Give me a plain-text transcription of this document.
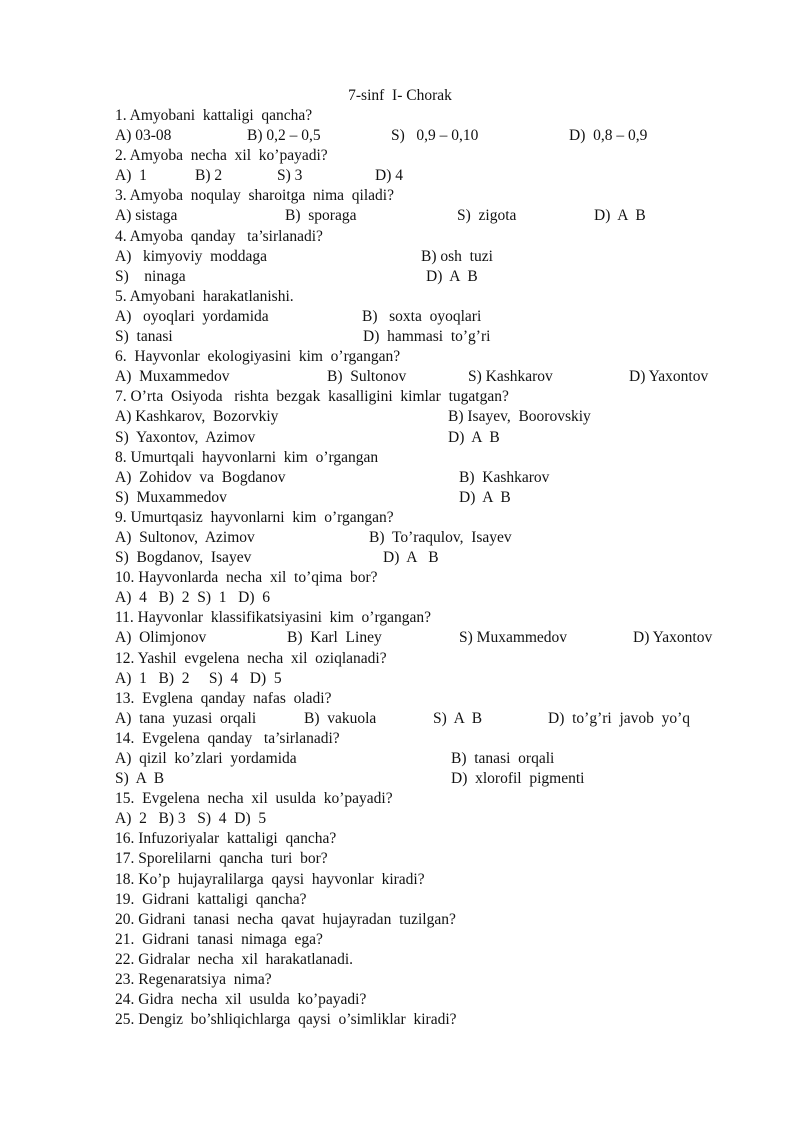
7-sinf  I- Chorak
1. Amyobani  kattaligi  qancha?
A) 03-08	B) 0,2 – 0,5	S)   0,9 – 0,10	D)  0,8 – 0,9
2. Amyoba  necha  xil  ko’payadi?
A)  1	B) 2	S) 3	D) 4
3. Amyoba  noqulay  sharoitga  nima  qiladi?
A) sistaga	B)  sporaga	S)  zigota	D)  A  B
4. Amyoba  qanday   ta’sirlanadi?
A)   kimyoviy  moddaga	B) osh  tuzi
S)    ninaga	D)  A  B
5. Amyobani  harakatlanishi.
A)   oyoqlari  yordamida	B)   soxta  oyoqlari
S)  tanasi	D)  hammasi  to’g’ri
6.  Hayvonlar  ekologiyasini  kim  o’rgangan?
A)  Muxammedov	B)  Sultonov	S) Kashkarov	D) Yaxontov
7. O’rta  Osiyoda   rishta  bezgak  kasalligini  kimlar  tugatgan?
A) Kashkarov,  Bozorvkiy	B) Isayev,  Boorovskiy
S)  Yaxontov,  Azimov	D)  A  B
8. Umurtqali  hayvonlarni  kim  o’rgangan
A)  Zohidov  va  Bogdanov	B)  Kashkarov
S)  Muxammedov	D)  A  B
9. Umurtqasiz  hayvonlarni  kim  o’rgangan?
A)  Sultonov,  Azimov	B)  To’raqulov,  Isayev
S)  Bogdanov,  Isayev	D)  A   B
10. Hayvonlarda  necha  xil  to’qima  bor?
A)  4   B)  2  S)  1   D)  6
11. Hayvonlar  klassifikatsiyasini  kim  o’rgangan?
A)  Olimjonov	B)  Karl  Liney	S) Muxammedov	D) Yaxontov
12. Yashil  evgelena  necha  xil  oziqlanadi?
A)  1   B)  2     S)  4   D)  5
13.  Evglena  qanday  nafas  oladi?
A)  tana  yuzasi  orqali	B)  vakuola	S)  A  B	D)  to’g’ri  javob  yo’q
14.  Evgelena  qanday   ta’sirlanadi?
A)  qizil  ko’zlari  yordamida	B)  tanasi  orqali
S)  A  B	D)  xlorofil  pigmenti
15.  Evgelena  necha  xil  usulda  ko’payadi?
A)  2   B) 3   S)  4  D)  5
16. Infuzoriyalar  kattaligi  qancha?
17. Sporelilarni  qancha  turi  bor?
18. Ko’p  hujayralilarga  qaysi  hayvonlar  kiradi?
19.  Gidrani  kattaligi  qancha?
20. Gidrani  tanasi  necha  qavat  hujayradan  tuzilgan?
21.  Gidrani  tanasi  nimaga  ega?
22. Gidralar  necha  xil  harakatlanadi.
23. Regenaratsiya  nima?
24. Gidra  necha  xil  usulda  ko’payadi?
25. Dengiz  bo’shliqichlarga  qaysi  o’simliklar  kiradi?
